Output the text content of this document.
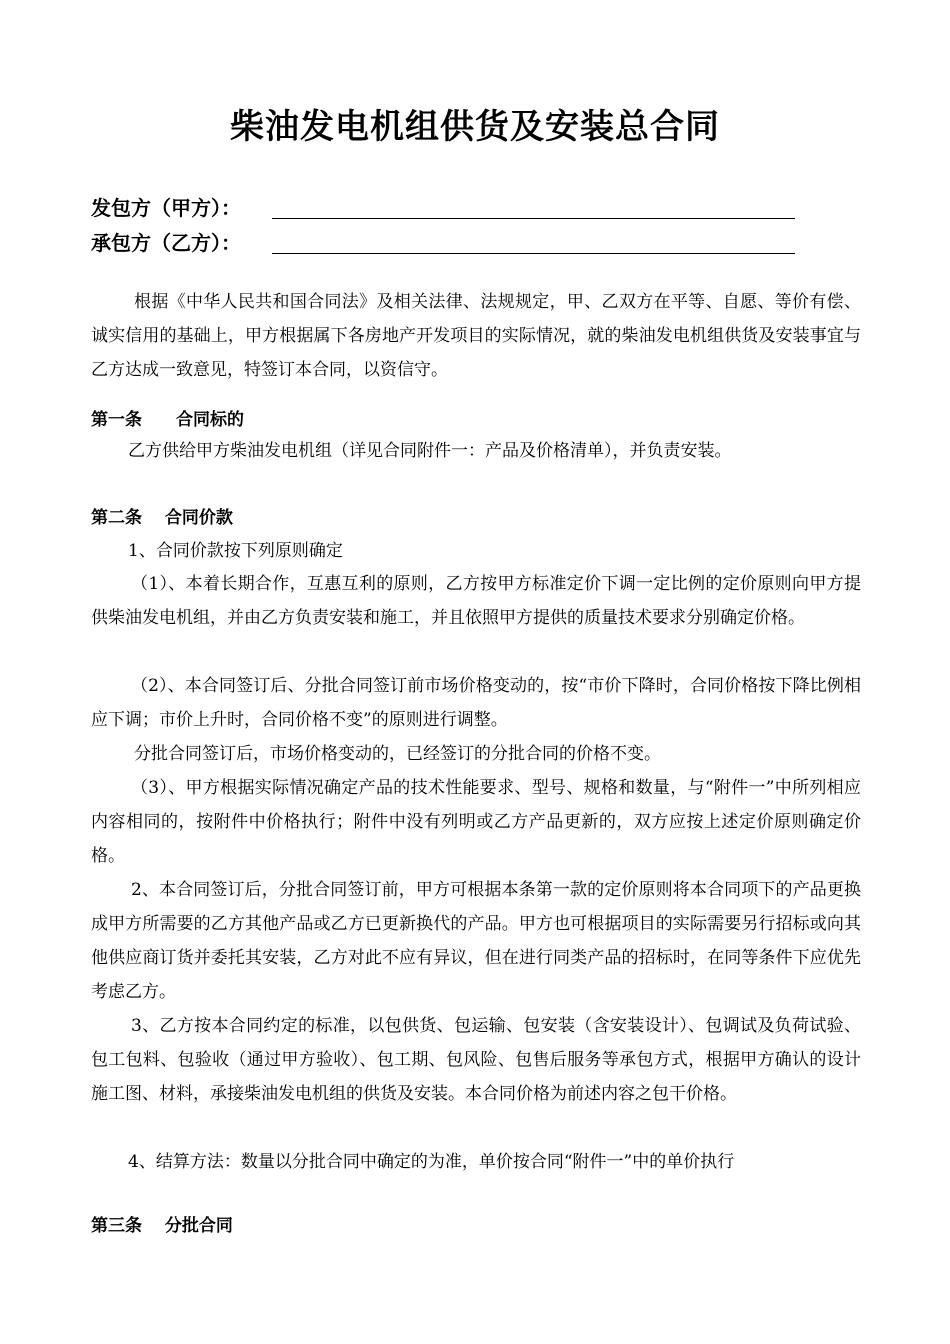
柴油发电机组供货及安装总合同
发包方（甲方）：
承包方（乙方）：
根据《中华人民共和国合同法》及相关法律、法规规定，甲、乙双方在平等、自愿、等价有偿、诚实信用的基础上，甲方根据属下各房地产开发项目的实际情况，就的柴油发电机组供货及安装事宜与乙方达成一致意见，特签订本合同，以资信守。
第一条　　合同标的
乙方供给甲方柴油发电机组（详见合同附件一：产品及价格清单），并负责安装。
第二条　 合同价款
1、合同价款按下列原则确定
（1）、本着长期合作，互惠互利的原则，乙方按甲方标准定价下调一定比例的定价原则向甲方提供柴油发电机组，并由乙方负责安装和施工，并且依照甲方提供的质量技术要求分别确定价格。
（2）、本合同签订后、分批合同签订前市场价格变动的，按“市价下降时，合同价格按下降比例相应下调；市价上升时，合同价格不变”的原则进行调整。
分批合同签订后，市场价格变动的，已经签订的分批合同的价格不变。
（3）、甲方根据实际情况确定产品的技术性能要求、型号、规格和数量，与“附件一”中所列相应内容相同的，按附件中价格执行；附件中没有列明或乙方产品更新的，双方应按上述定价原则确定价格。
2、本合同签订后，分批合同签订前，甲方可根据本条第一款的定价原则将本合同项下的产品更换成甲方所需要的乙方其他产品或乙方已更新换代的产品。甲方也可根据项目的实际需要另行招标或向其他供应商订货并委托其安装，乙方对此不应有异议，但在进行同类产品的招标时，在同等条件下应优先考虑乙方。
3、乙方按本合同约定的标准，以包供货、包运输、包安装（含安装设计）、包调试及负荷试验、包工包料、包验收（通过甲方验收）、包工期、包风险、包售后服务等承包方式，根据甲方确认的设计施工图、材料，承接柴油发电机组的供货及安装。本合同价格为前述内容之包干价格。
4、结算方法：数量以分批合同中确定的为准，单价按合同“附件一”中的单价执行
第三条　 分批合同
